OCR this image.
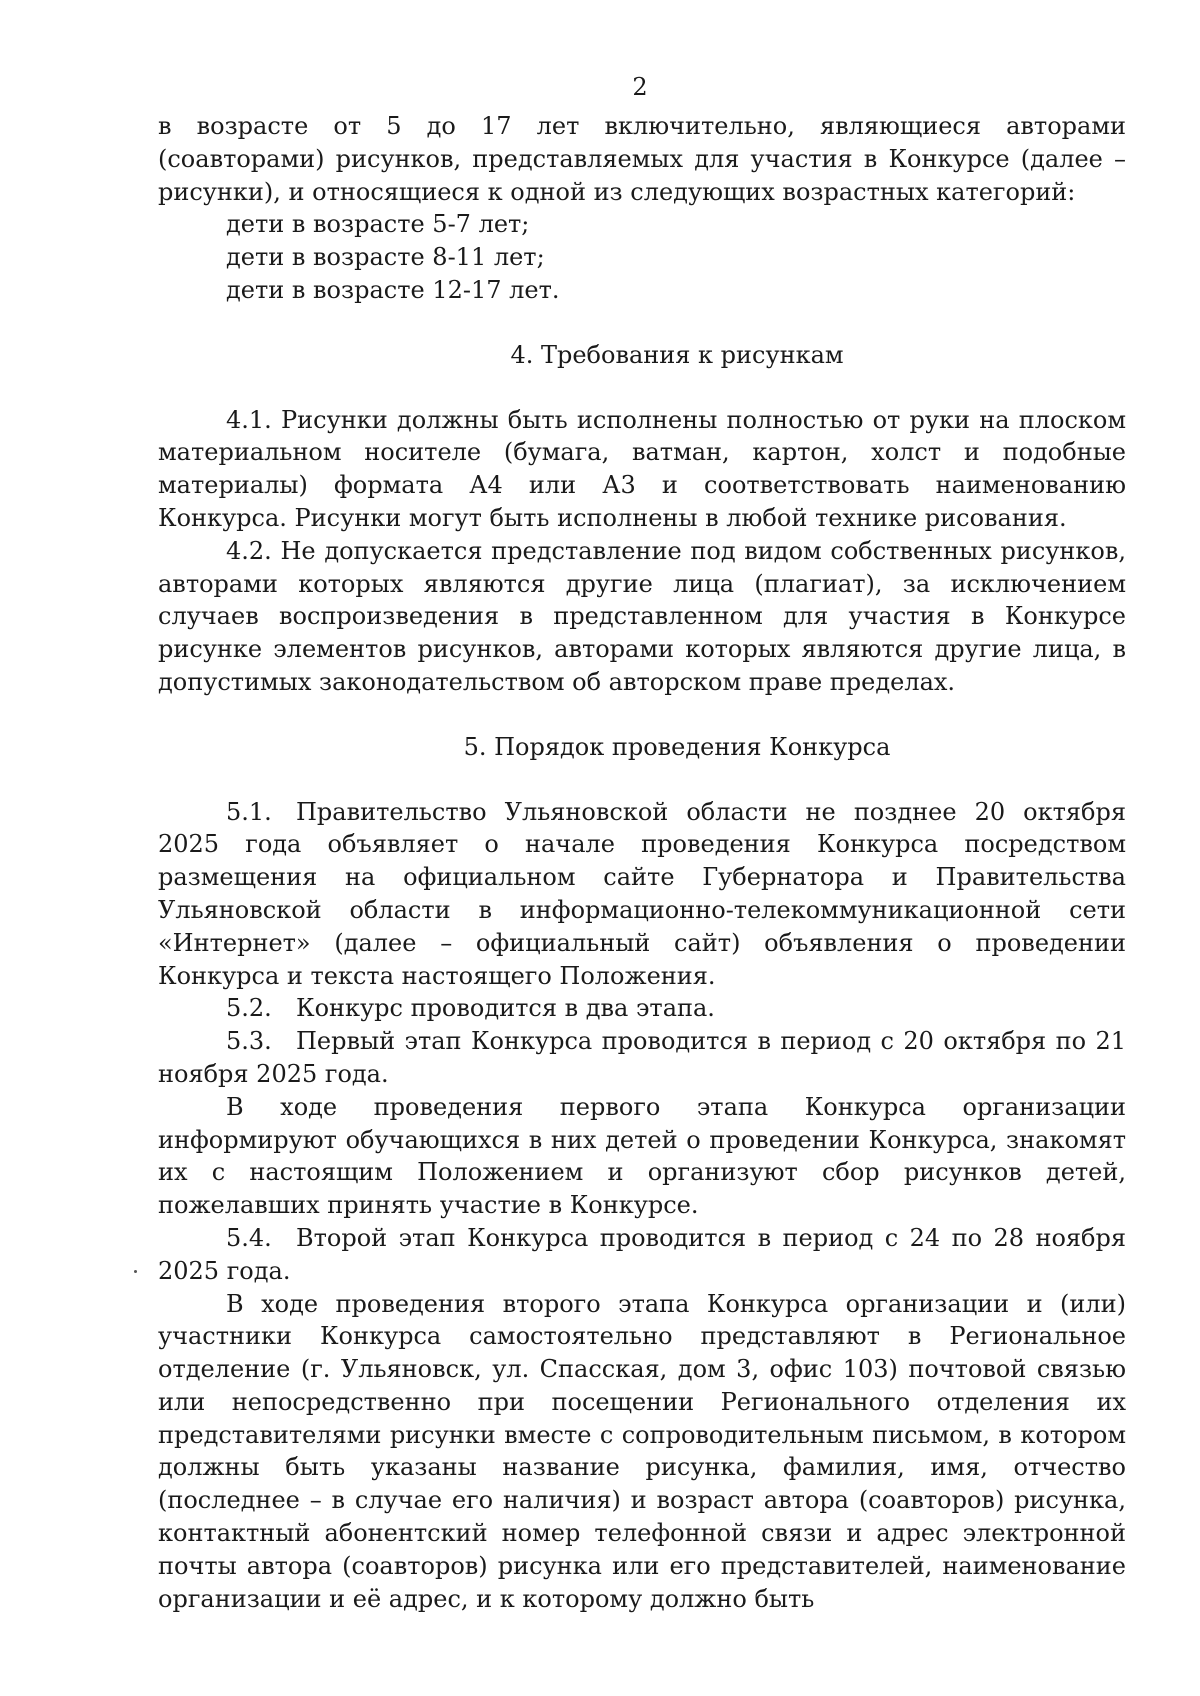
2

в возрасте от 5 до 17 лет включительно, являющиеся авторами (соавторами) рисунков, представляемых для участия в Конкурсе (далее – рисунки), и относящиеся к одной из следующих возрастных категорий:

дети в возрасте 5-7 лет;

дети в возрасте 8-11 лет;

дети в возрасте 12-17 лет.

4. Требования к рисункам

4.1. Рисунки должны быть исполнены полностью от руки на плоском материальном носителе (бумага, ватман, картон, холст и подобные материалы) формата А4 или А3 и соответствовать наименованию Конкурса. Рисунки могут быть исполнены в любой технике рисования.

4.2. Не допускается представление под видом собственных рисунков, авторами которых являются другие лица (плагиат), за исключением случаев воспроизведения в представленном для участия в Конкурсе рисунке элементов рисунков, авторами которых являются другие лица, в допустимых законодательством об авторском праве пределах.

5. Порядок проведения Конкурса

5.1. Правительство Ульяновской области не позднее 20 октября 2025 года объявляет о начале проведения Конкурса посредством размещения на официальном сайте Губернатора и Правительства Ульяновской области в информационно-телекоммуникационной сети «Интернет» (далее – официальный сайт) объявления о проведении Конкурса и текста настоящего Положения.

5.2. Конкурс проводится в два этапа.

5.3. Первый этап Конкурса проводится в период с 20 октября по 21 ноября 2025 года.

В ходе проведения первого этапа Конкурса организации информируют обучающихся в них детей о проведении Конкурса, знакомят их с настоящим Положением и организуют сбор рисунков детей, пожелавших принять участие в Конкурсе.

5.4. Второй этап Конкурса проводится в период с 24 по 28 ноября 2025 года.

В ходе проведения второго этапа Конкурса организации и (или) участники Конкурса самостоятельно представляют в Региональное отделение (г. Ульяновск, ул. Спасская, дом 3, офис 103) почтовой связью или непосредственно при посещении Регионального отделения их представителями рисунки вместе с сопроводительным письмом, в котором должны быть указаны название рисунка, фамилия, имя, отчество (последнее – в случае его наличия) и возраст автора (соавторов) рисунка, контактный абонентский номер телефонной связи и адрес электронной почты автора (соавторов) рисунка или его представителей, наименование организации и её адрес, и к которому должно быть
